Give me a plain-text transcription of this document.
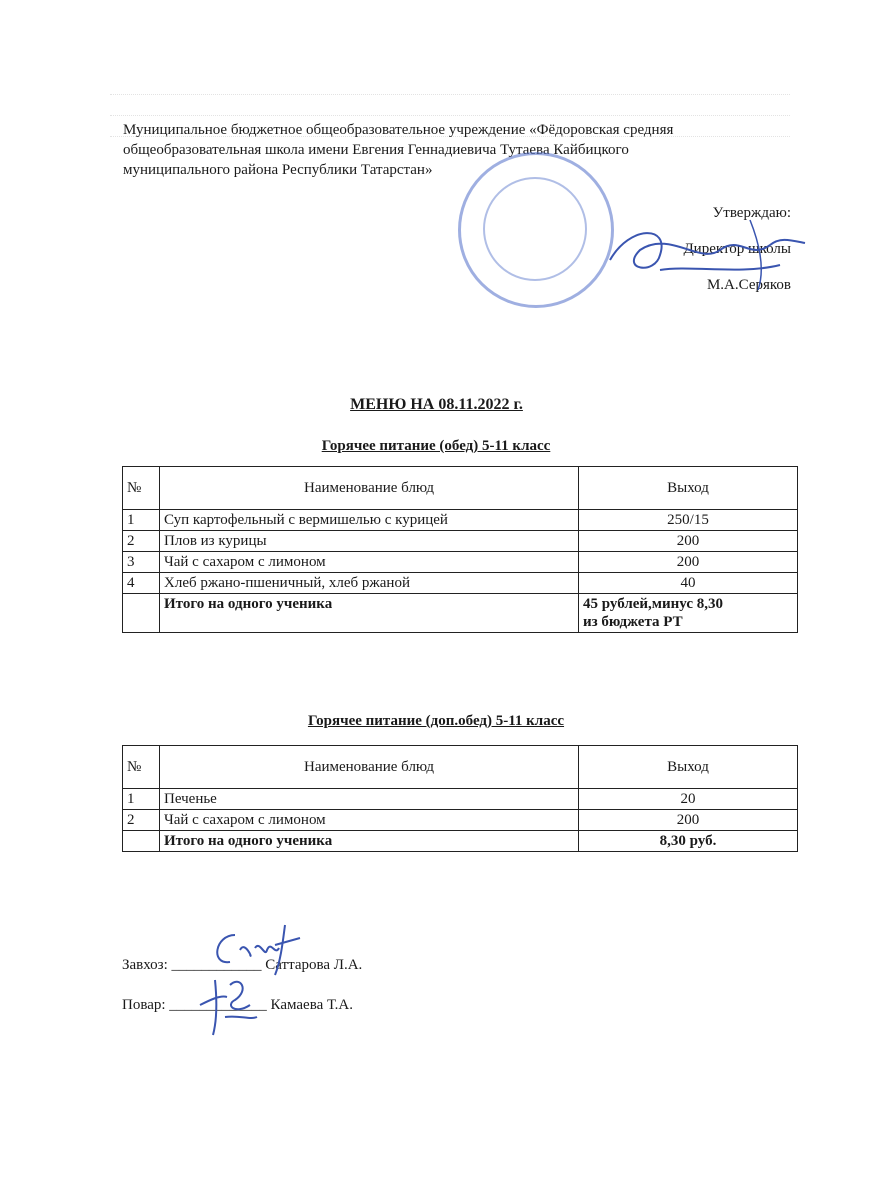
Муниципальное бюджетное общеобразовательное учреждение «Фёдоровская средняя
общеобразовательная школа имени Евгения Геннадиевича Тутаева Кайбицкого
муниципального района Республики Татарстан»
Утверждаю:
Директор школы
М.А.Серяков
МЕНЮ НА 08.11.2022 г.
Горячее питание (обед) 5-11 класс
№	Наименование блюд	Выход
1	Суп картофельный с вермишелью с курицей	250/15
2	Плов из курицы	200
3	Чай с сахаром с лимоном	200
4	Хлеб ржано-пшеничный, хлеб ржаной	40
	Итого на одного ученика	45 рублей,минус 8,30
из бюджета РТ
Горячее питание (доп.обед) 5-11 класс
№	Наименование блюд	Выход
1	Печенье	20
2	Чай с сахаром с лимоном	200
	Итого на одного ученика	8,30 руб.
Завхоз: ____________ Саттарова Л.А.
Повар: _____________ Камаева Т.А.
